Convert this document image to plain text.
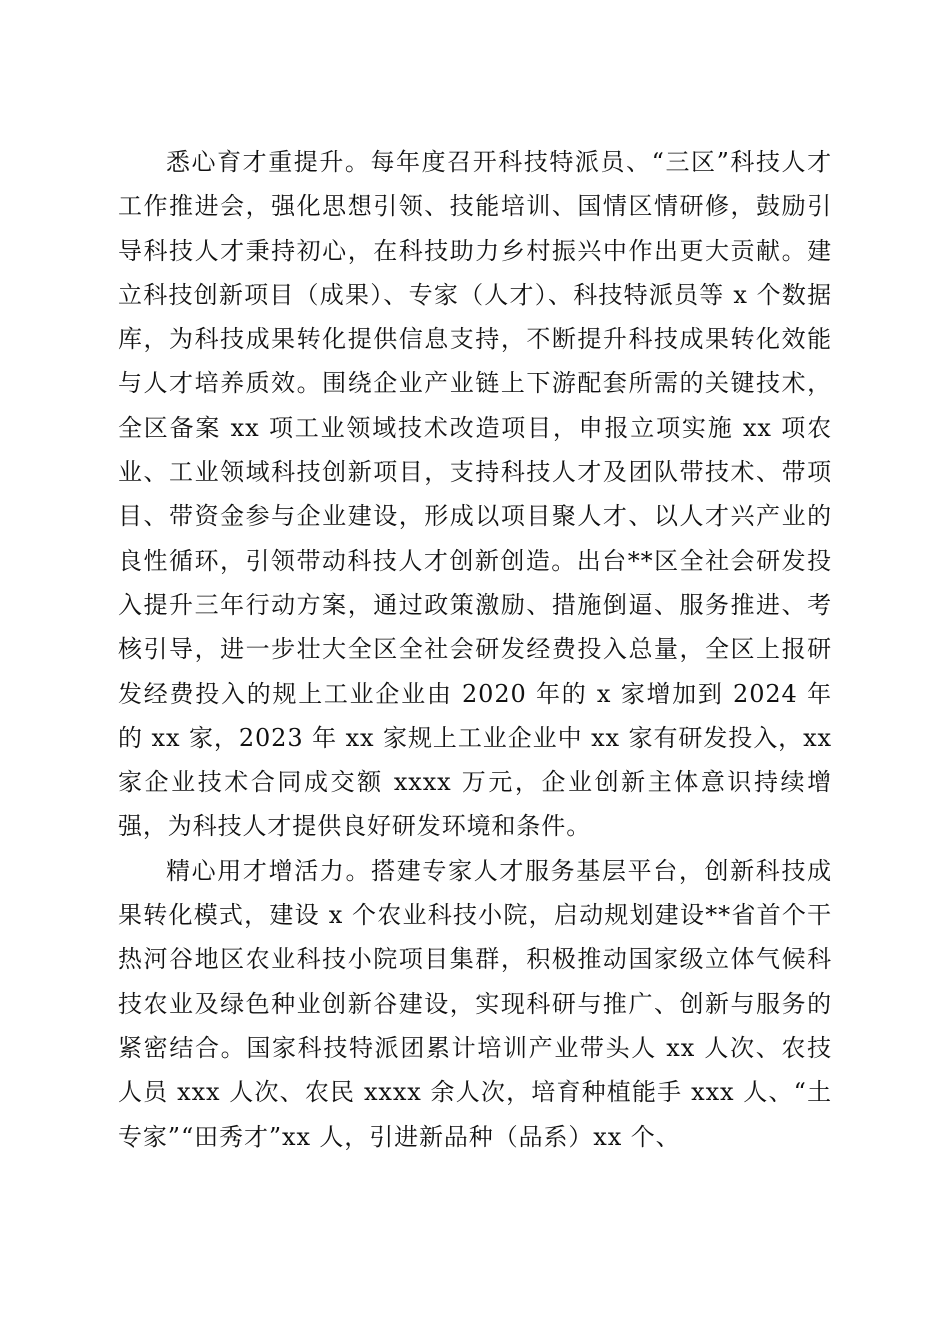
悉心育才重提升。每年度召开科技特派员、“三区”科技人才工作推进会，强化思想引领、技能培训、国情区情研修，鼓励引导科技人才秉持初心，在科技助力乡村振兴中作出更大贡献。建立科技创新项目（成果）、专家（人才）、科技特派员等 x 个数据库，为科技成果转化提供信息支持，不断提升科技成果转化效能与人才培养质效。围绕企业产业链上下游配套所需的关键技术，全区备案 xx 项工业领域技术改造项目，申报立项实施 xx 项农业、工业领域科技创新项目，支持科技人才及团队带技术、带项目、带资金参与企业建设，形成以项目聚人才、以人才兴产业的良性循环，引领带动科技人才创新创造。出台**区全社会研发投入提升三年行动方案，通过政策激励、措施倒逼、服务推进、考核引导，进一步壮大全区全社会研发经费投入总量，全区上报研发经费投入的规上工业企业由 2020 年的 x 家增加到 2024 年的 xx 家，2023 年 xx 家规上工业企业中 xx 家有研发投入，xx 家企业技术合同成交额 xxxx 万元，企业创新主体意识持续增强，为科技人才提供良好研发环境和条件。

精心用才增活力。搭建专家人才服务基层平台，创新科技成果转化模式，建设 x 个农业科技小院，启动规划建设**省首个干热河谷地区农业科技小院项目集群，积极推动国家级立体气候科技农业及绿色种业创新谷建设，实现科研与推广、创新与服务的紧密结合。国家科技特派团累计培训产业带头人 xx 人次、农技人员 xxx 人次、农民 xxxx 余人次，培育种植能手 xxx 人、“土专家”“田秀才”xx 人，引进新品种（品系）xx 个、
